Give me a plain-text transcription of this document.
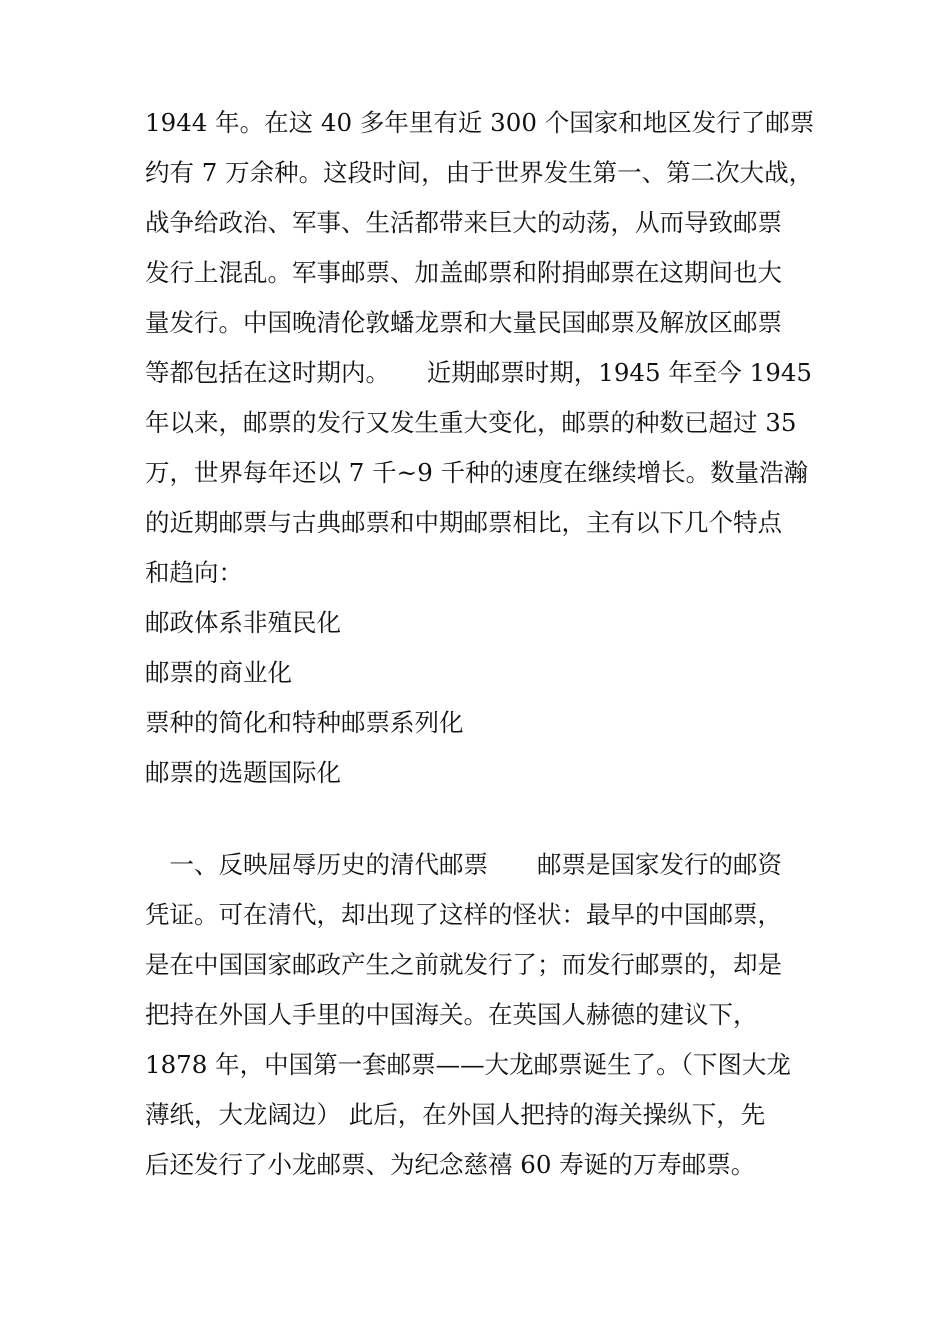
1944 年。在这 40 多年里有近 300 个国家和地区发行了邮票
约有 7 万余种。这段时间，由于世界发生第一、第二次大战，
战争给政治、军事、生活都带来巨大的动荡，从而导致邮票
发行上混乱。军事邮票、加盖邮票和附捐邮票在这期间也大
量发行。中国晚清伦敦蟠龙票和大量民国邮票及解放区邮票
等都包括在这时期内。　　近期邮票时期，1945 年至今 1945
年以来，邮票的发行又发生重大变化，邮票的种数已超过 35
万，世界每年还以 7 千~9 千种的速度在继续增长。数量浩瀚
的近期邮票与古典邮票和中期邮票相比，主有以下几个特点
和趋向：
邮政体系非殖民化
邮票的商业化
票种的简化和特种邮票系列化
邮票的选题国际化
　一、反映屈辱历史的清代邮票　　邮票是国家发行的邮资
凭证。可在清代，却出现了这样的怪状：最早的中国邮票，
是在中国国家邮政产生之前就发行了；而发行邮票的，却是
把持在外国人手里的中国海关。在英国人赫德的建议下，
1878 年，中国第一套邮票——大龙邮票诞生了。（下图大龙
薄纸，大龙阔边） 此后，在外国人把持的海关操纵下，先
后还发行了小龙邮票、为纪念慈禧 60 寿诞的万寿邮票。
